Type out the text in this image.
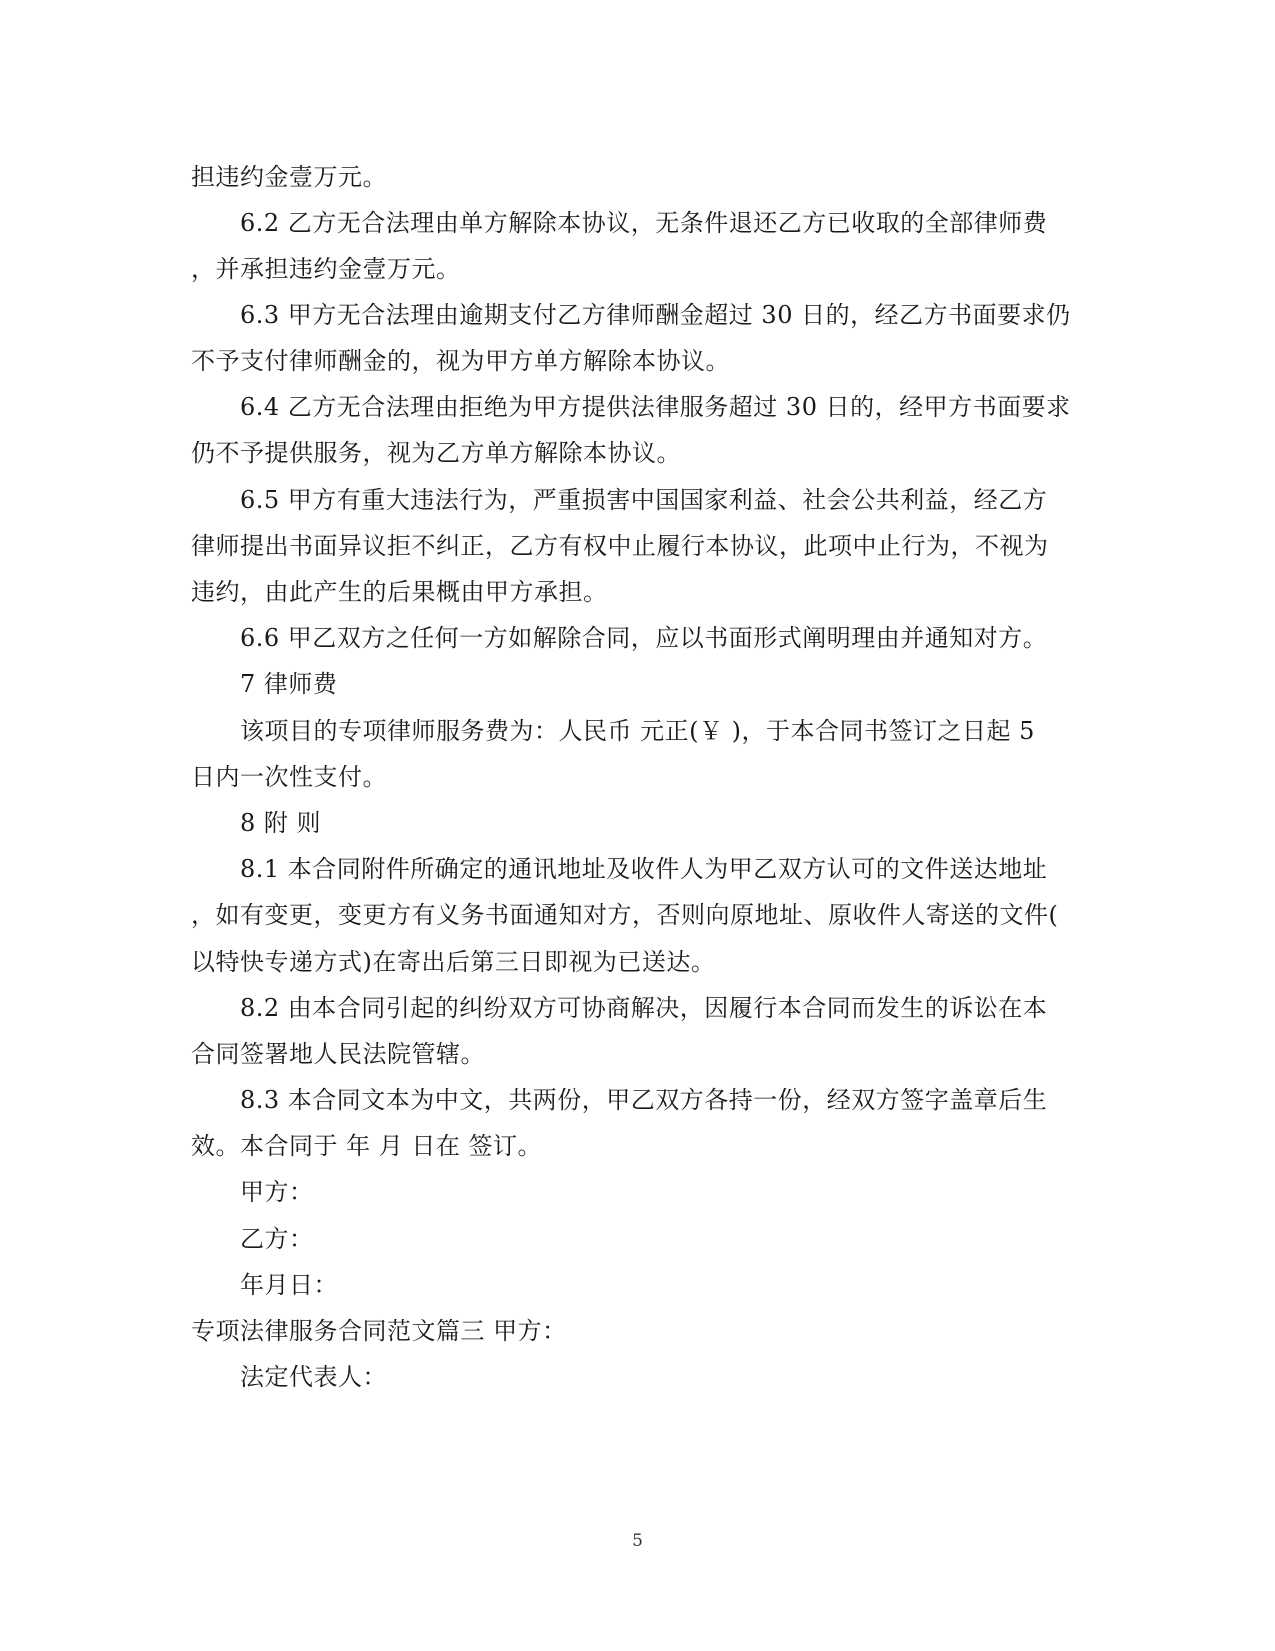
担违约金壹万元。
6.2 乙方无合法理由单方解除本协议，无条件退还乙方已收取的全部律师费
，并承担违约金壹万元。
6.3 甲方无合法理由逾期支付乙方律师酬金超过 30 日的，经乙方书面要求仍
不予支付律师酬金的，视为甲方单方解除本协议。
6.4 乙方无合法理由拒绝为甲方提供法律服务超过 30 日的，经甲方书面要求
仍不予提供服务，视为乙方单方解除本协议。
6.5 甲方有重大违法行为，严重损害中国国家利益、社会公共利益，经乙方
律师提出书面异议拒不纠正，乙方有权中止履行本协议，此项中止行为，不视为
违约，由此产生的后果概由甲方承担。
6.6 甲乙双方之任何一方如解除合同，应以书面形式阐明理由并通知对方。
7 律师费
该项目的专项律师服务费为：人民币 元正(￥ )，于本合同书签订之日起 5
日内一次性支付。
8 附 则
8.1 本合同附件所确定的通讯地址及收件人为甲乙双方认可的文件送达地址
，如有变更，变更方有义务书面通知对方，否则向原地址、原收件人寄送的文件(
以特快专递方式)在寄出后第三日即视为已送达。
8.2 由本合同引起的纠纷双方可协商解决，因履行本合同而发生的诉讼在本
合同签署地人民法院管辖。
8.3 本合同文本为中文，共两份，甲乙双方各持一份，经双方签字盖章后生
效。本合同于 年 月 日在 签订。
甲方：
乙方：
年月日：
专项法律服务合同范文篇三 甲方：
法定代表人：
5
